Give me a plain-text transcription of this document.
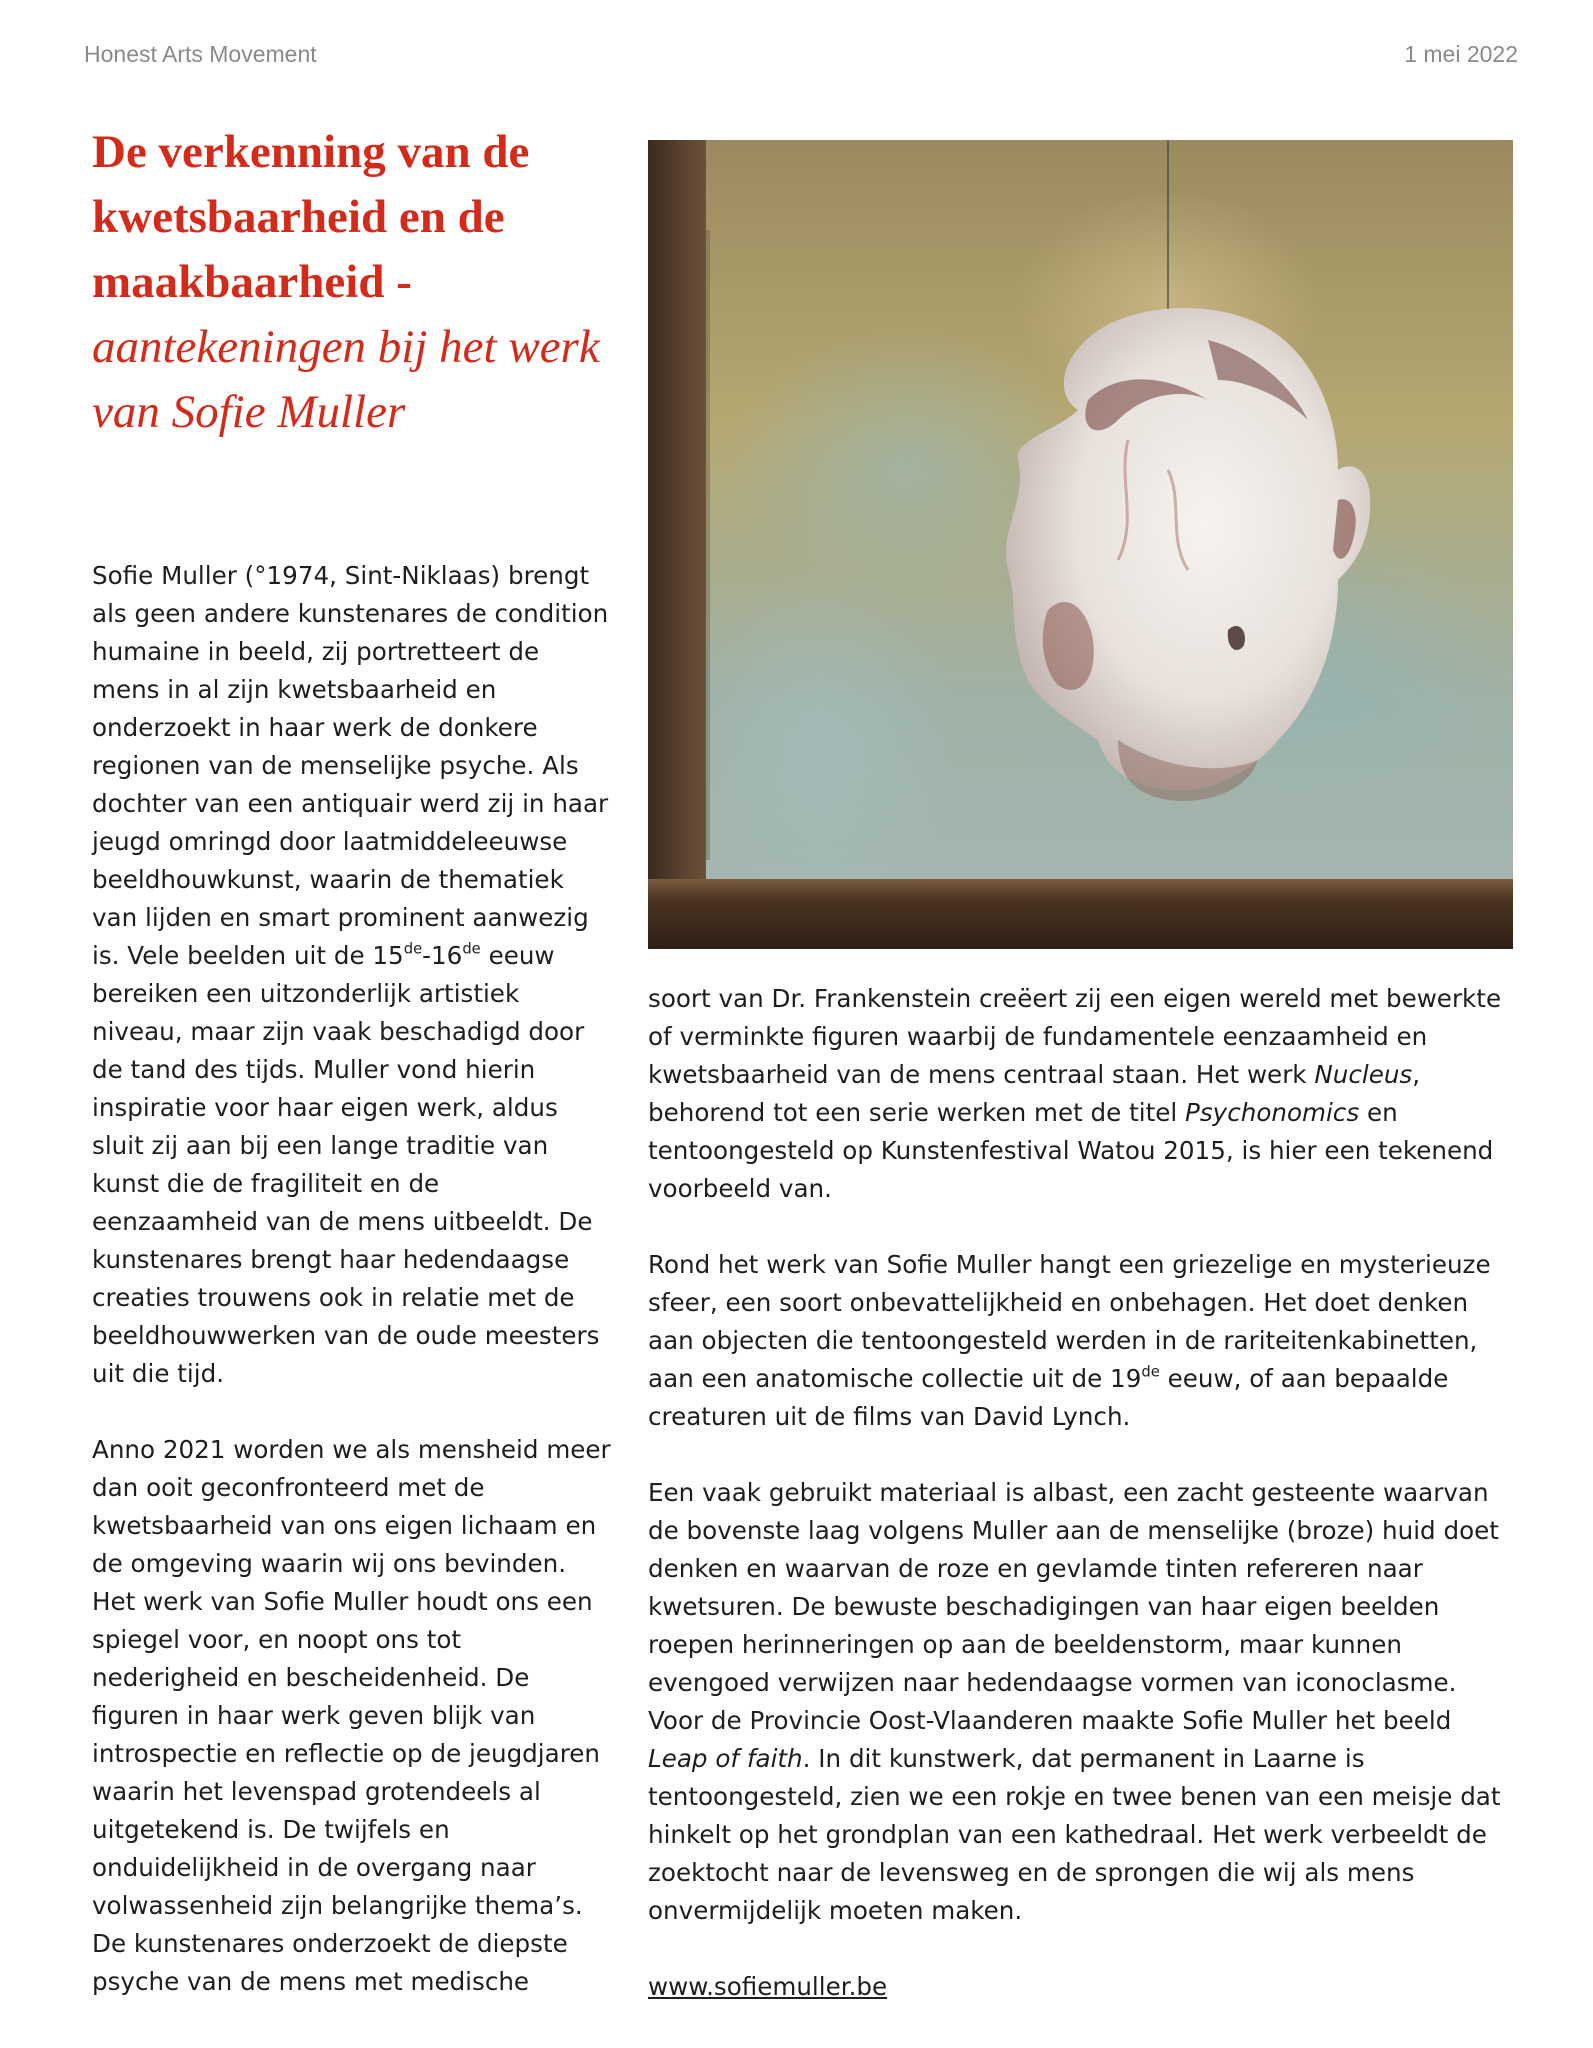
Honest Arts Movement	1 mei 2022
De verkenning van de kwetsbaarheid en de maakbaarheid -
aantekeningen bij het werk van Sofie Muller

Sofie Muller (°1974, Sint-Niklaas) brengt als geen andere kunstenares de condition humaine in beeld, zij portretteert de mens in al zijn kwetsbaarheid en onderzoekt in haar werk de donkere regionen van de menselijke psyche. Als dochter van een antiquair werd zij in haar jeugd omringd door laatmiddeleeuwse beeldhouwkunst, waarin de thematiek van lijden en smart prominent aanwezig is. Vele beelden uit de 15de-16de eeuw bereiken een uitzonderlijk artistiek niveau, maar zijn vaak beschadigd door de tand des tijds. Muller vond hierin inspiratie voor haar eigen werk, aldus sluit zij aan bij een lange traditie van kunst die de fragiliteit en de eenzaamheid van de mens uitbeeldt. De kunstenares brengt haar hedendaagse creaties trouwens ook in relatie met de beeldhouwwerken van de oude meesters uit die tijd.

Anno 2021 worden we als mensheid meer dan ooit geconfronteerd met de kwetsbaarheid van ons eigen lichaam en de omgeving waarin wij ons bevinden. Het werk van Sofie Muller houdt ons een spiegel voor, en noopt ons tot nederigheid en bescheidenheid. De figuren in haar werk geven blijk van introspectie en reflectie op de jeugdjaren waarin het levenspad grotendeels al uitgetekend is. De twijfels en onduidelijkheid in de overgang naar volwassenheid zijn belangrijke thema’s. De kunstenares onderzoekt de diepste psyche van de mens met medische

soort van Dr. Frankenstein creëert zij een eigen wereld met bewerkte of verminkte figuren waarbij de fundamentele eenzaamheid en kwetsbaarheid van de mens centraal staan. Het werk Nucleus, behorend tot een serie werken met de titel Psychonomics en tentoongesteld op Kunstenfestival Watou 2015, is hier een tekenend voorbeeld van.

Rond het werk van Sofie Muller hangt een griezelige en mysterieuze sfeer, een soort onbevattelijkheid en onbehagen. Het doet denken aan objecten die tentoongesteld werden in de rariteitenkabinetten, aan een anatomische collectie uit de 19de eeuw, of aan bepaalde creaturen uit de films van David Lynch.

Een vaak gebruikt materiaal is albast, een zacht gesteente waarvan de bovenste laag volgens Muller aan de menselijke (broze) huid doet denken en waarvan de roze en gevlamde tinten refereren naar kwetsuren. De bewuste beschadigingen van haar eigen beelden roepen herinneringen op aan de beeldenstorm, maar kunnen evengoed verwijzen naar hedendaagse vormen van iconoclasme.

Voor de Provincie Oost-Vlaanderen maakte Sofie Muller het beeld Leap of faith. In dit kunstwerk, dat permanent in Laarne is tentoongesteld, zien we een rokje en twee benen van een meisje dat hinkelt op het grondplan van een kathedraal. Het werk verbeeldt de zoektocht naar de levensweg en de sprongen die wij als mens onvermijdelijk moeten maken.

www.sofiemuller.be
